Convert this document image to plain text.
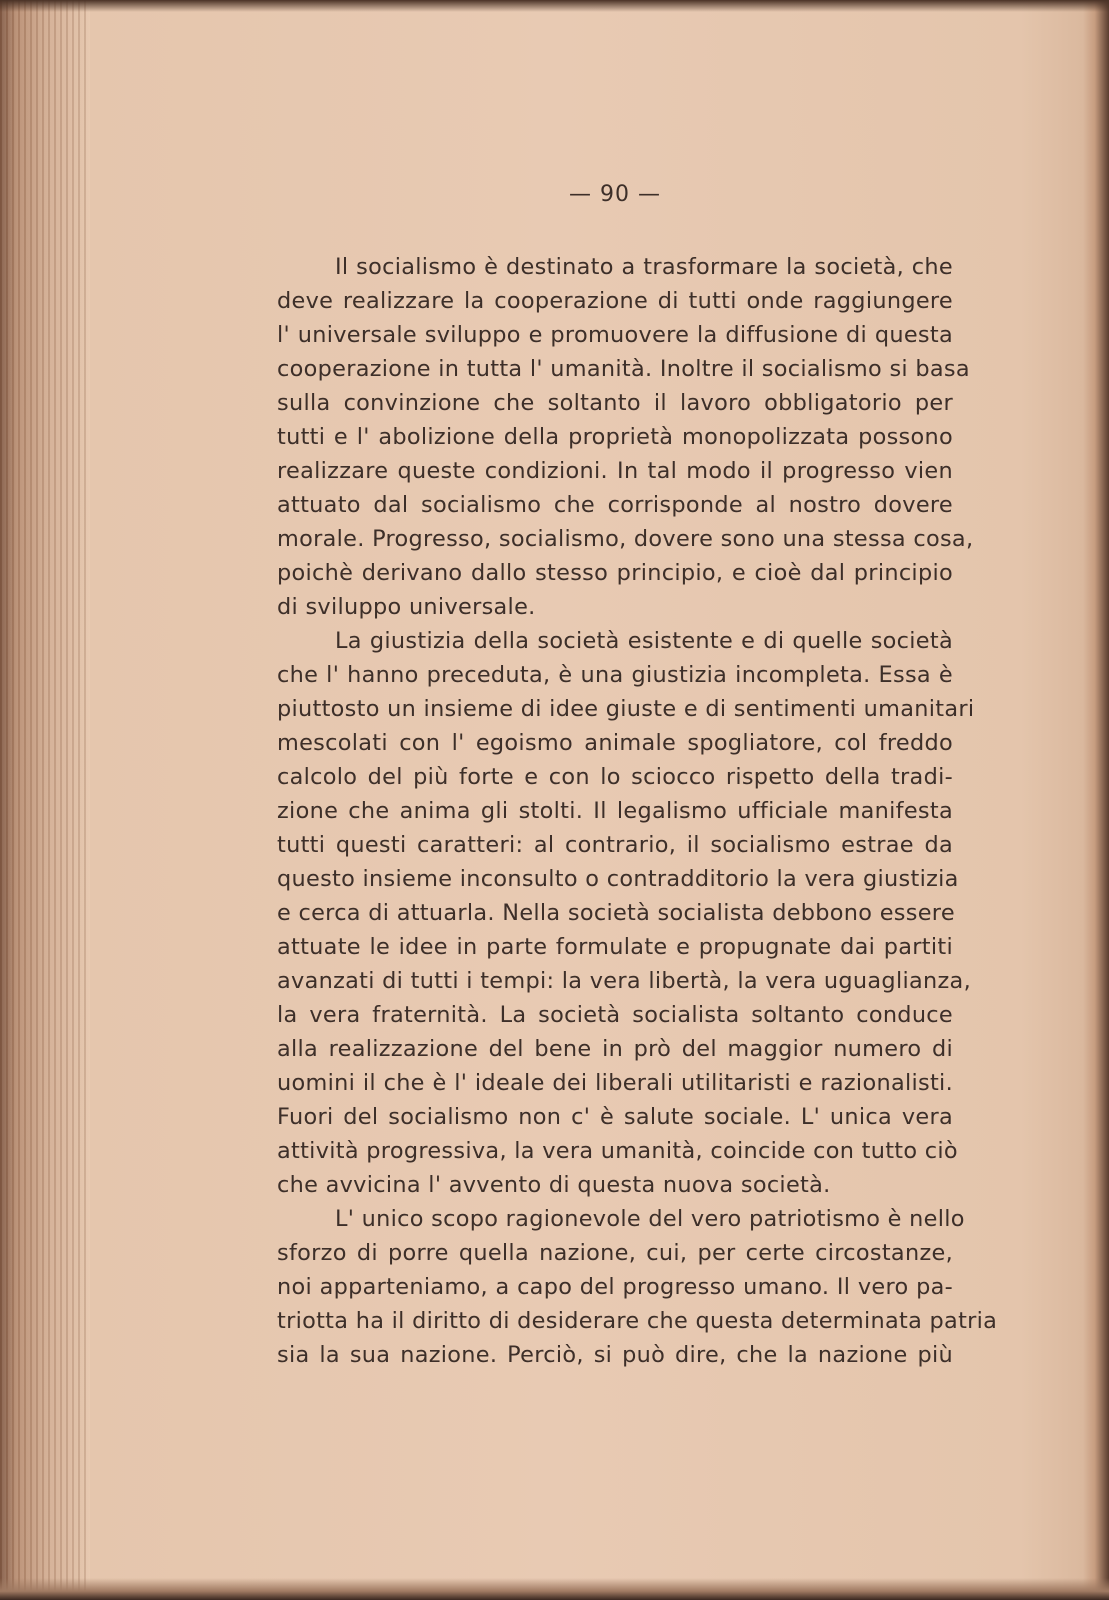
— 90 —
Il socialismo è destinato a trasformare la società, che
deve realizzare la cooperazione di tutti onde raggiungere
l' universale sviluppo e promuovere la diffusione di questa
cooperazione in tutta l' umanità. Inoltre il socialismo si basa
sulla convinzione che soltanto il lavoro obbligatorio per
tutti e l' abolizione della proprietà monopolizzata possono
realizzare queste condizioni. In tal modo il progresso vien
attuato dal socialismo che corrisponde al nostro dovere
morale. Progresso, socialismo, dovere sono una stessa cosa,
poichè derivano dallo stesso principio, e cioè dal principio
di sviluppo universale.
La giustizia della società esistente e di quelle società
che l' hanno preceduta, è una giustizia incompleta. Essa è
piuttosto un insieme di idee giuste e di sentimenti umanitari
mescolati con l' egoismo animale spogliatore, col freddo
calcolo del più forte e con lo sciocco rispetto della tradi-
zione che anima gli stolti. Il legalismo ufficiale manifesta
tutti questi caratteri: al contrario, il socialismo estrae da
questo insieme inconsulto o contradditorio la vera giustizia
e cerca di attuarla. Nella società socialista debbono essere
attuate le idee in parte formulate e propugnate dai partiti
avanzati di tutti i tempi: la vera libertà, la vera uguaglianza,
la vera fraternità. La società socialista soltanto conduce
alla realizzazione del bene in prò del maggior numero di
uomini il che è l' ideale dei liberali utilitaristi e razionalisti.
Fuori del socialismo non c' è salute sociale. L' unica vera
attività progressiva, la vera umanità, coincide con tutto ciò
che avvicina l' avvento di questa nuova società.
L' unico scopo ragionevole del vero patriotismo è nello
sforzo di porre quella nazione, cui, per certe circostanze,
noi apparteniamo, a capo del progresso umano. Il vero pa-
triotta ha il diritto di desiderare che questa determinata patria
sia la sua nazione. Perciò, si può dire, che la nazione più
